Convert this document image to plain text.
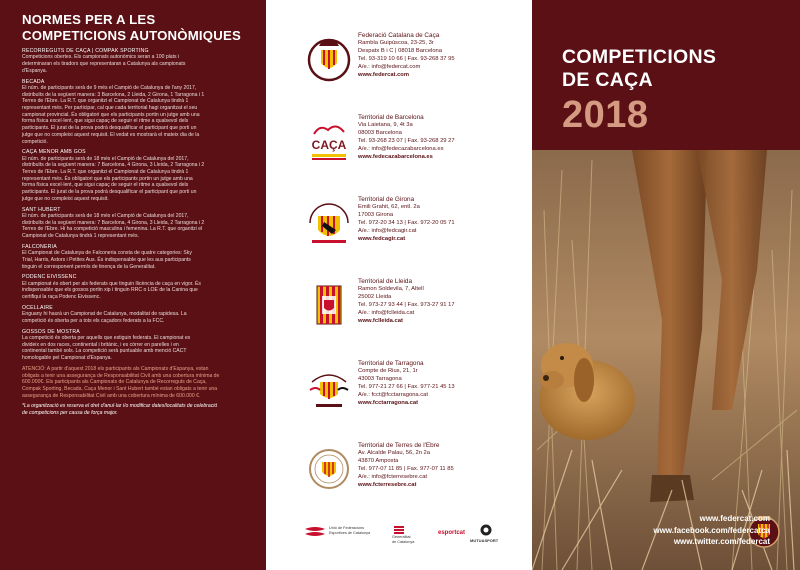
NORMES PER A LES
COMPETICIONS AUTONÒMIQUES
RECORREGUTS DE CAÇA | COMPAK SPORTING
Competicions obertes. Els campionats autonòmics seran a 100 plats i
determinaran els tiradors que representaran a Catalunya als campionats
d'Espanya.
BECADA
El núm. de participants serà de 9 més el Campió de Catalunya de l'any 2017,
distribuïts de la següent manera: 3 Barcelona, 2 Lleida, 2 Girona, 1 Tarragona i 1
Terres de l'Ebre. La R.T. que organitzi el Campionat de Catalunya tindrà 1
representant més. Per participar, cal que cada territorial hagi organitzat el seu
campionat provincial. És obligatori que els participants portin un jutge amb una
forma física excel·lent, que sigui capaç de seguir el ritme a qualsevol dels
participants. El jurat de la prova podrà desqualificar el participant que porti un
jutge que no compleixi aquest requisit. El vedat es mostrarà el mateix dia de la
competició.
CAÇA MENOR AMB GOS
El núm. de participants serà de 18 més el Campió de Catalunya del 2017,
distribuïts de la següent manera: 7 Barcelona, 4 Girona, 3 Lleida, 2 Tarragona i 2
Terres de l'Ebre. La R.T. que organitzi el Campionat de Catalunya tindrà 1
representant més. És obligatori que els participants portin un jutge amb una
forma física excel·lent, que sigui capaç de seguir el ritme a qualsevol dels
participants. El jurat de la prova podrà desqualificar el participant que porti un
jutge que no compleixi aquest requisit.
SANT HUBERT
El núm. de participants serà de 18 més el Campió de Catalunya del 2017,
distribuïts de la següent manera: 7 Barcelona, 4 Girona, 3 Lleida, 2 Tarragona i 2
Terres de l'Ebre. Hi ha competició masculina i femenina. La R.T. que organitzi el
Campionat de Catalunya tindrà 1 representant més.
FALCONERIA
El Campionat de Catalunya de Falconeria consta de quatre categories: Sky
Trial, Harris, Astors i Petites Aus. És indispensable que les aus participants
tinguin el corresponent permís de tinença de la Generalitat.
PODENC EIVISSENC
El campionat és obert per als federats que tinguin llicència de caça en vigor. És
indispensable que els gossos portin xip i tinguin RRC o LOE de la Canina que
certifiqui la raça Podenc Eivissenc.
OCELLAIRE
Enguany hi haurà un Campionat de Catalunya, modalitat de rapidesa. La
competició és oberta per a tots els caçadors federats a la FCC.
GOSSOS DE MOSTRA
La competició és oberta per aquells que estiguin federats. El campionat es
divideix en dos races, continental i britànic, i es córrer en parelles i en
continental també sols. La competició serà puntuable amb menció CACT
homologable pel Campionat d'Espanya.
ATENCIÓ: A partir d'aquest 2018 els participants als Campionats d'Espanya, estan
obligats a tenir una assegurança de Responsabilitat Civil amb una cobertura mínima de
600.000€. Els participants als Campionats de Catalunya de Recorreguts de Caça,
Compak Sporting, Becada, Caça Menor i Sant Hubert també estan obligats a tenir una
assegurança de Responsabilitat Civil amb una cobertura mínima de 600.000 €.
*La organització es reserva el dret d'anul·lar i/o modificar dates/localitats de celebració
de competicions per causa de força major.
Federació Catalana de Caça
Rambla Guipúscoa, 23-25, 3r
Despatx B i C | 08018 Barcelona
Tel. 93-319 10 66 | Fax. 93-268 37 95
A/e.: info@federcat.com
www.federcat.com
CAÇA
Territorial de Barcelona
Via Laietana, 9, 4t 3a
08003 Barcelona
Tel. 93-268 23 07 | Fax. 93-268 29 27
A/e.: info@fedecazabarcelona.es
www.fedecazabarcelona.es
Territorial de Girona
Emili Grahit, 62, entl. 2a
17003 Girona
Tel. 972-20 34 13 | Fax. 972-20 05 71
A/e.: info@fedcagir.cat
www.fedcagir.cat
Territorial de Lleida
Ramon Soldevila, 7, Altell
25002 Lleida
Tel. 973-27 93 44 | Fax. 973-27 91 17
A/e.: info@fclleida.cat
www.fclleida.cat
Territorial de Tarragona
Compte de Rius, 21, 1r
43003 Tarragona
Tel. 977-21 27 66 | Fax. 977-21 45 13
A/e.: fcct@fcctarragona.cat
www.fcctarragona.cat
Territorial de Terres de l'Ebre
Av. Alcalde Palau, 56, 2n 2a
43870 Amposta
Tel. 977-07 11 85 | Fax. 977-07 11 85
A/e.: info@fcterresebre.cat
www.fcterresebre.cat
Unió de Federacions
Esportives de Catalunya
Generalitat
de Catalunya
esportcat
MUTUASPORT
COMPETICIONS
DE CAÇA
2018
www.federcat.com
www.facebook.com/federcatca
www.twitter.com/federcat
